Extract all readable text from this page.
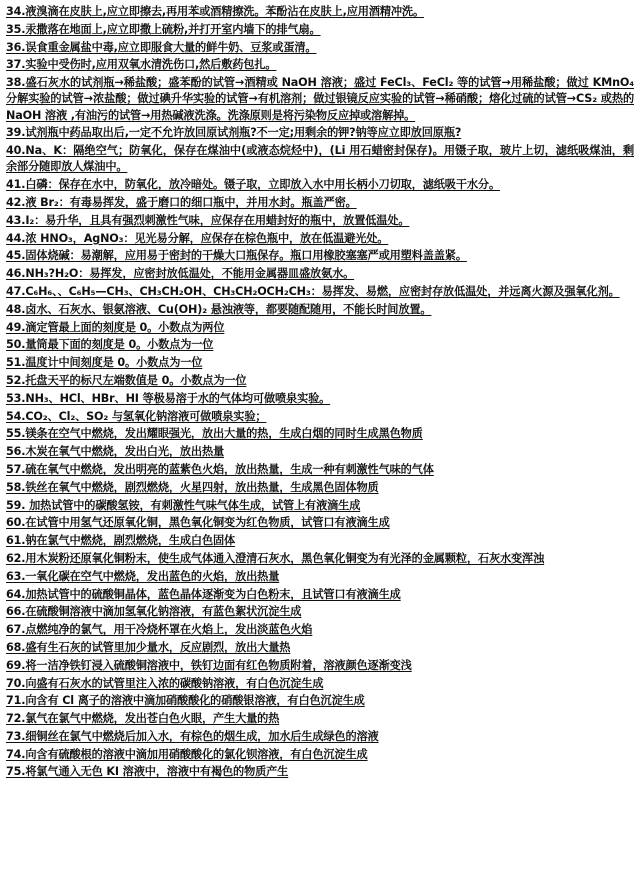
34.液溴滴在皮肤上,应立即擦去,再用苯或酒精擦洗。苯酚沾在皮肤上,应用酒精冲洗。
35.汞撒落在地面上,应立即撒上硫粉,并打开室内墙下的排气扇。
36.误食重金属盐中毒,应立即服食大量的鲜牛奶、豆浆或蛋清。
37.实验中受伤时,应用双氧水清洗伤口,然后敷药包扎。
38.盛石灰水的试剂瓶→稀盐酸；盛苯酚的试管→酒精或 NaOH 溶液；盛过 FeCl₃、FeCl₂ 等的试管→用稀盐酸；做过 KMnO₄ 分解实验的试管→浓盐酸；做过碘升华实验的试管→有机溶剂；做过银镜反应实验的试管→稀硝酸；熔化过硫的试管→CS₂ 或热的 NaOH 溶液 ,有油污的试管→用热碱液洗涤。洗涤原则是将污染物反应掉或溶解掉。
39.试剂瓶中药品取出后,一定不允许放回原试剂瓶?不一定;用剩余的钾?钠等应立即放回原瓶?
40.Na、K：隔绝空气；防氧化，保存在煤油中(或液态烷烃中)，(Li 用石蜡密封保存)。用镊子取，玻片上切，滤纸吸煤油，剩余部分随即放人煤油中。
41.白磷：保存在水中，防氧化，放冷暗处。镊子取，立即放入水中用长柄小刀切取，滤纸吸干水分。
42.液 Br₂：有毒易挥发，盛于磨口的细口瓶中，并用水封。瓶盖严密。
43.I₂：易升华，且具有强烈刺激性气味，应保存在用蜡封好的瓶中，放置低温处。
44.浓 HNO₃，AgNO₃：见光易分解，应保存在棕色瓶中，放在低温避光处。
45.固体烧碱：易潮解，应用易于密封的干燥大口瓶保存。瓶口用橡胶塞塞严或用塑料盖盖紧。
46.NH₃?H₂O：易挥发，应密封放低温处，不能用金属器皿盛放氨水。
47.C₆H₆、、C₆H₅—CH₃、CH₃CH₂OH、CH₃CH₂OCH₂CH₃：易挥发、易燃，应密封存放低温处，并远离火源及强氧化剂。
48.卤水、石灰水、银氨溶液、Cu(OH)₂ 悬浊液等，都要随配随用，不能长时间放置。
49.滴定管最上面的刻度是 0。小数点为两位
50.量筒最下面的刻度是 0。小数点为一位
51.温度计中间刻度是 0。小数点为一位
52.托盘天平的标尺左端数值是 0。小数点为一位
53.NH₃、HCl、HBr、HI 等极易溶于水的气体均可做喷泉实验。
54.CO₂、Cl₂、SO₂ 与氢氧化钠溶液可做喷泉实验；
55.镁条在空气中燃烧，发出耀眼强光，放出大量的热，生成白烟的同时生成黑色物质
56.木炭在氧气中燃烧，发出白光，放出热量
57.硫在氧气中燃烧，发出明亮的蓝紫色火焰，放出热量，生成一种有刺激性气味的气体
58.铁丝在氧气中燃烧，剧烈燃烧，火星四射，放出热量，生成黑色固体物质
59. 加热试管中的碳酸氢铵，有刺激性气味气体生成，试管上有液滴生成
60.在试管中用氢气还原氧化铜，黑色氧化铜变为红色物质，试管口有液滴生成
61.钠在氯气中燃烧，剧烈燃烧，生成白色固体
62.用木炭粉还原氧化铜粉末，使生成气体通入澄清石灰水，黑色氧化铜变为有光泽的金属颗粒，石灰水变浑浊
63.一氧化碳在空气中燃烧，发出蓝色的火焰，放出热量
64.加热试管中的硫酸铜晶体，蓝色晶体逐渐变为白色粉末，且试管口有液滴生成
66.在硫酸铜溶液中滴加氢氧化钠溶液，有蓝色絮状沉淀生成
67.点燃纯净的氯气，用干冷烧杯罩在火焰上，发出淡蓝色火焰
68.盛有生石灰的试管里加少量水，反应剧烈，放出大量热
69.将一洁净铁钉浸入硫酸铜溶液中，铁钉边面有红色物质附着，溶液颜色逐渐变浅
70.向盛有石灰水的试管里注入浓的碳酸钠溶液，有白色沉淀生成
71.向含有 Cl 离子的溶液中滴加硝酸酸化的硝酸银溶液，有白色沉淀生成
72.氯气在氯气中燃烧，发出苍白色火眼，产生大量的热
73.细铜丝在氯气中燃烧后加入水，有棕色的烟生成，加水后生成绿色的溶液
74.向含有硫酸根的溶液中滴加用硝酸酸化的氯化钡溶液，有白色沉淀生成
75.将氯气通入无色 KI 溶液中，溶液中有褐色的物质产生
